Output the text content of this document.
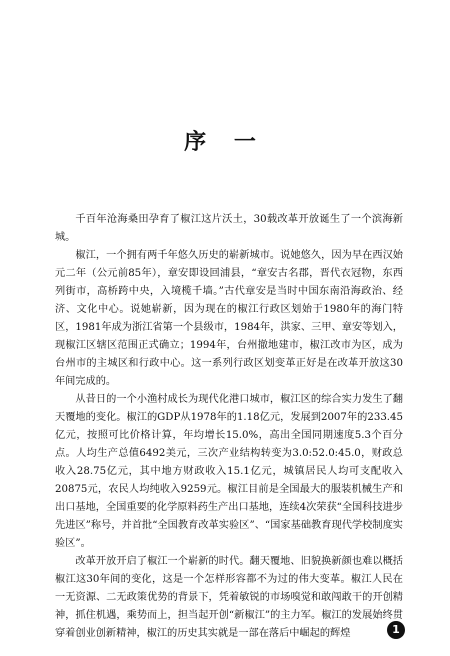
序 一

千百年沧海桑田孕育了椒江这片沃土，30载改革开放诞生了一个滨海新城。

椒江，一个拥有两千年悠久历史的崭新城市。说她悠久，因为早在西汉始元二年（公元前85年），章安即设回浦县，“章安古名郡，晋代衣冠物，东西列街市，高桥跨中央，入境榄千墙。”古代章安是当时中国东南沿海政治、经济、文化中心。说她崭新，因为现在的椒江行政区划始于1980年的海门特区，1981年成为浙江省第一个县级市，1984年，洪家、三甲、章安等划入，现椒江区辖区范围正式确立；1994年，台州撤地建市，椒江改市为区，成为台州市的主城区和行政中心。这一系列行政区划变革正好是在改革开放这30年间完成的。

从昔日的一个小渔村成长为现代化港口城市，椒江区的综合实力发生了翻天覆地的变化。椒江的GDP从1978年的1.18亿元，发展到2007年的233.45亿元，按照可比价格计算，年均增长15.0%，高出全国同期速度5.3个百分点。人均生产总值6492美元，三次产业结构转变为3.0:52.0:45.0，财政总收入28.75亿元，其中地方财政收入15.1亿元，城镇居民人均可支配收入20875元，农民人均纯收入9259元。椒江目前是全国最大的服装机械生产和出口基地，全国重要的化学原料药生产出口基地，连续4次荣获“全国科技进步先进区”称号，并首批“全国教育改革实验区”、“国家基础教育现代学校制度实验区”。

改革开放开启了椒江一个崭新的时代。翻天覆地、旧貌换新颜也难以概括椒江这30年间的变化，这是一个怎样形容都不为过的伟大变革。椒江人民在一无资源、二无政策优势的背景下，凭着敏锐的市场嗅觉和敢闯敢干的开创精神，抓住机遇，乘势而上，担当起开创“新椒江”的主力军。椒江的发展始终贯穿着创业创新精神，椒江的历史其实就是一部在落后中崛起的辉煌	1
